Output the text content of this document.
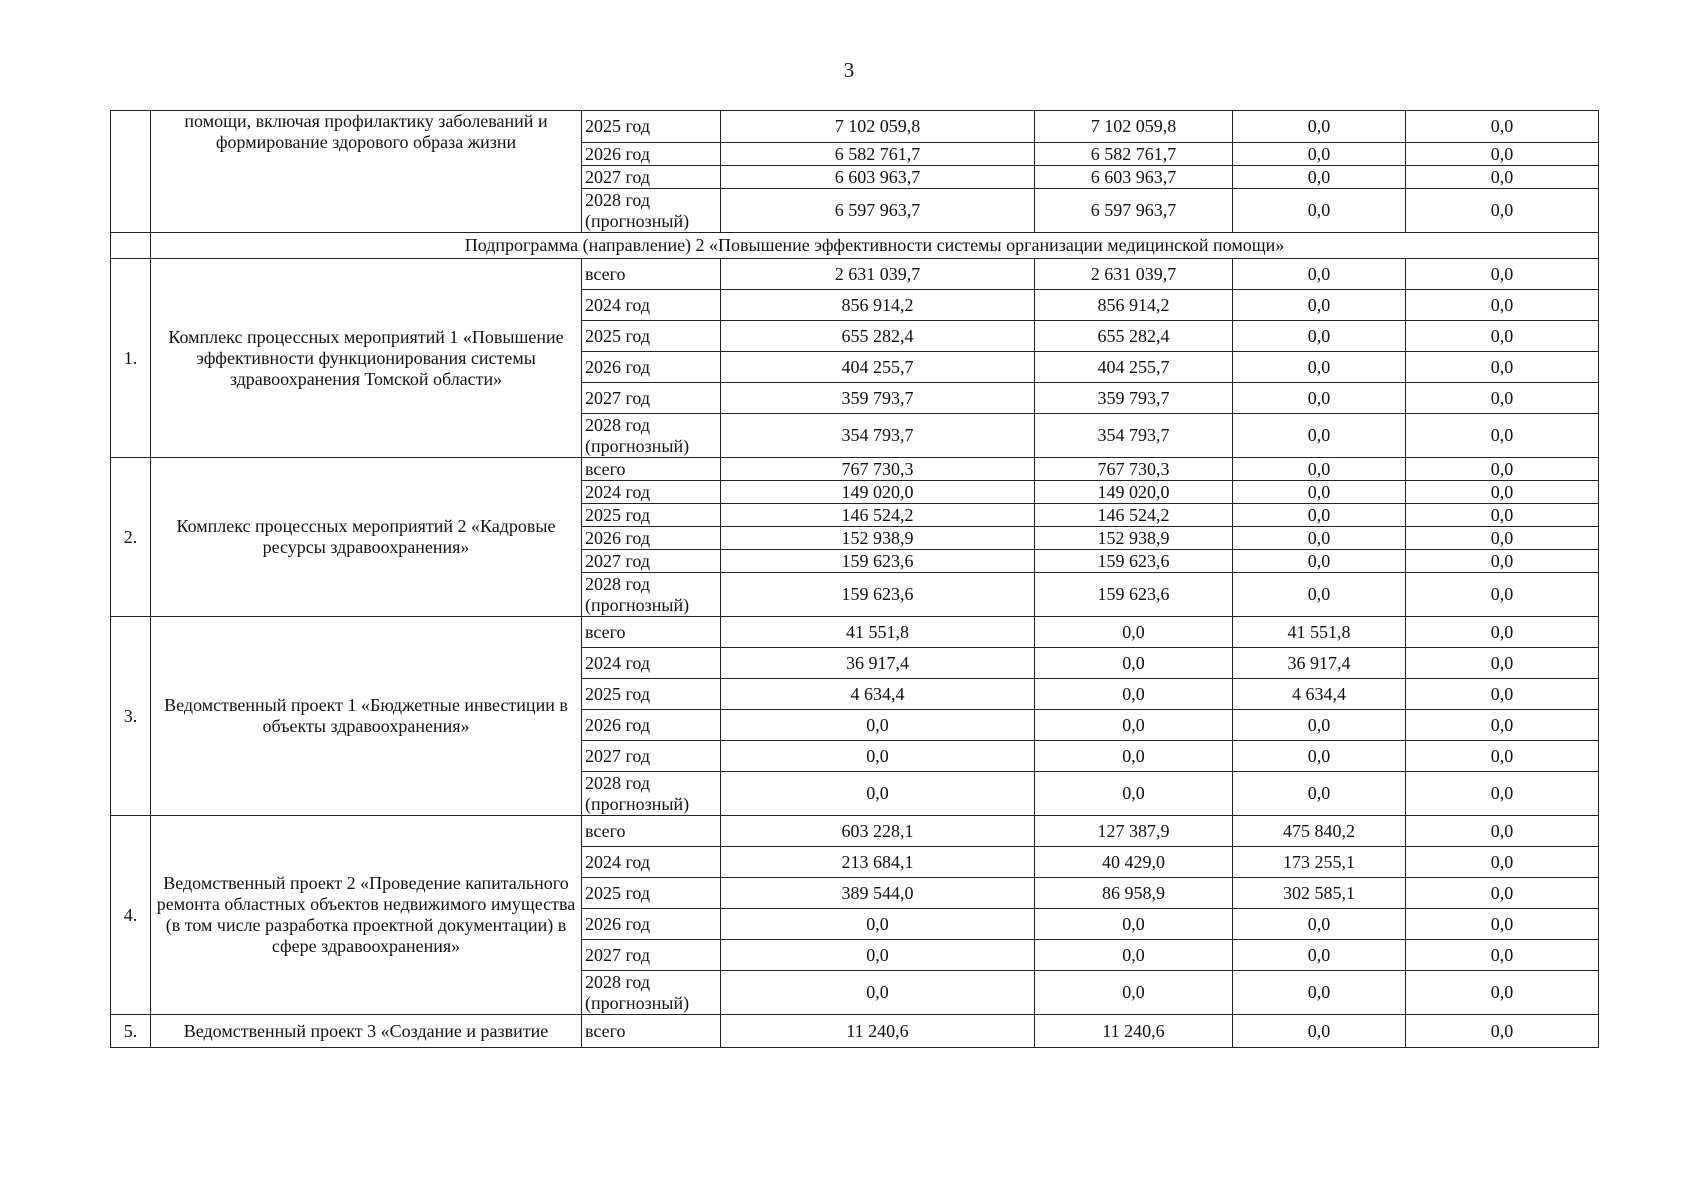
3
	помощи, включая профилактику заболеваний и формирование здорового образа жизни	2025 год	7 102 059,8	7 102 059,8	0,0	0,0
		2026 год	6 582 761,7	6 582 761,7	0,0	0,0
		2027 год	6 603 963,7	6 603 963,7	0,0	0,0
		2028 год (прогнозный)	6 597 963,7	6 597 963,7	0,0	0,0
	Подпрограмма (направление) 2 «Повышение эффективности системы организации медицинской помощи»					
1.	Комплекс процессных мероприятий 1 «Повышение эффективности функционирования системы здравоохранения Томской области»	всего	2 631 039,7	2 631 039,7	0,0	0,0
		2024 год	856 914,2	856 914,2	0,0	0,0
		2025 год	655 282,4	655 282,4	0,0	0,0
		2026 год	404 255,7	404 255,7	0,0	0,0
		2027 год	359 793,7	359 793,7	0,0	0,0
		2028 год (прогнозный)	354 793,7	354 793,7	0,0	0,0
2.	Комплекс процессных мероприятий 2 «Кадровые ресурсы здравоохранения»	всего	767 730,3	767 730,3	0,0	0,0
		2024 год	149 020,0	149 020,0	0,0	0,0
		2025 год	146 524,2	146 524,2	0,0	0,0
		2026 год	152 938,9	152 938,9	0,0	0,0
		2027 год	159 623,6	159 623,6	0,0	0,0
		2028 год (прогнозный)	159 623,6	159 623,6	0,0	0,0
3.	Ведомственный проект 1 «Бюджетные инвестиции в объекты здравоохранения»	всего	41 551,8	0,0	41 551,8	0,0
		2024 год	36 917,4	0,0	36 917,4	0,0
		2025 год	4 634,4	0,0	4 634,4	0,0
		2026 год	0,0	0,0	0,0	0,0
		2027 год	0,0	0,0	0,0	0,0
		2028 год (прогнозный)	0,0	0,0	0,0	0,0
4.	Ведомственный проект 2 «Проведение капитального ремонта областных объектов недвижимого имущества (в том числе разработка проектной документации) в сфере здравоохранения»	всего	603 228,1	127 387,9	475 840,2	0,0
		2024 год	213 684,1	40 429,0	173 255,1	0,0
		2025 год	389 544,0	86 958,9	302 585,1	0,0
		2026 год	0,0	0,0	0,0	0,0
		2027 год	0,0	0,0	0,0	0,0
		2028 год (прогнозный)	0,0	0,0	0,0	0,0
5.	Ведомственный проект 3 «Создание и развитие	всего	11 240,6	11 240,6	0,0	0,0
